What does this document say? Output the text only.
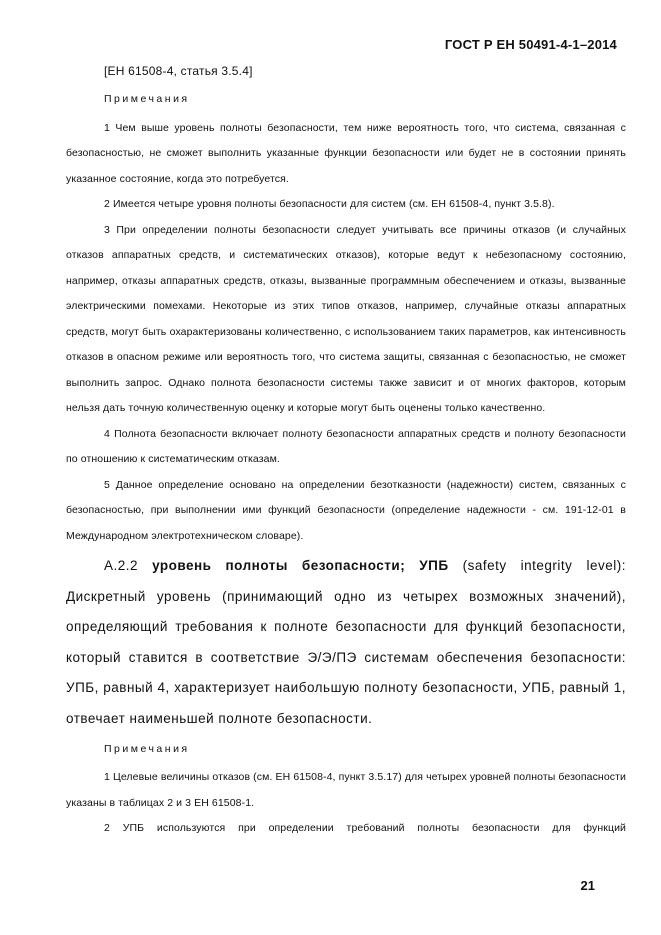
ГОСТ Р ЕН 50491-4-1–2014

[ЕН 61508-4, статья 3.5.4]

Примечания

1 Чем выше уровень полноты безопасности, тем ниже вероятность того, что система, связанная с безопасностью, не сможет выполнить указанные функции безопасности или будет не в состоянии принять указанное состояние, когда это потребуется.

2 Имеется четыре уровня полноты безопасности для систем (см. ЕН 61508-4, пункт 3.5.8).

3 При определении полноты безопасности следует учитывать все причины отказов (и случайных отказов аппаратных средств, и систематических отказов), которые ведут к небезопасному состоянию, например, отказы аппаратных средств, отказы, вызванные программным обеспечением и отказы, вызванные электрическими помехами. Некоторые из этих типов отказов, например, случайные отказы аппаратных средств, могут быть охарактеризованы количественно, с использованием таких параметров, как интенсивность отказов в опасном режиме или вероятность того, что система защиты, связанная с безопасностью, не сможет выполнить запрос. Однако полнота безопасности системы также зависит и от многих факторов, которым нельзя дать точную количественную оценку и которые могут быть оценены только качественно.

4 Полнота безопасности включает полноту безопасности аппаратных средств и полноту безопасности по отношению к систематическим отказам.

5 Данное определение основано на определении безотказности (надежности) систем, связанных с безопасностью, при выполнении ими функций безопасности (определение надежности - см. 191-12-01 в Международном электротехническом словаре).

А.2.2 уровень полноты безопасности; УПБ (safety integrity level): Дискретный уровень (принимающий одно из четырех возможных значений), определяющий требования к полноте безопасности для функций безопасности, который ставится в соответствие Э/Э/ПЭ системам обеспечения безопасности: УПБ, равный 4, характеризует наибольшую полноту безопасности, УПБ, равный 1, отвечает наименьшей полноте безопасности.

Примечания

1 Целевые величины отказов (см. ЕН 61508-4, пункт 3.5.17) для четырех уровней полноты безопасности указаны в таблицах 2 и 3 ЕН 61508-1.

2 УПБ используются при определении требований полноты безопасности для функций

21
